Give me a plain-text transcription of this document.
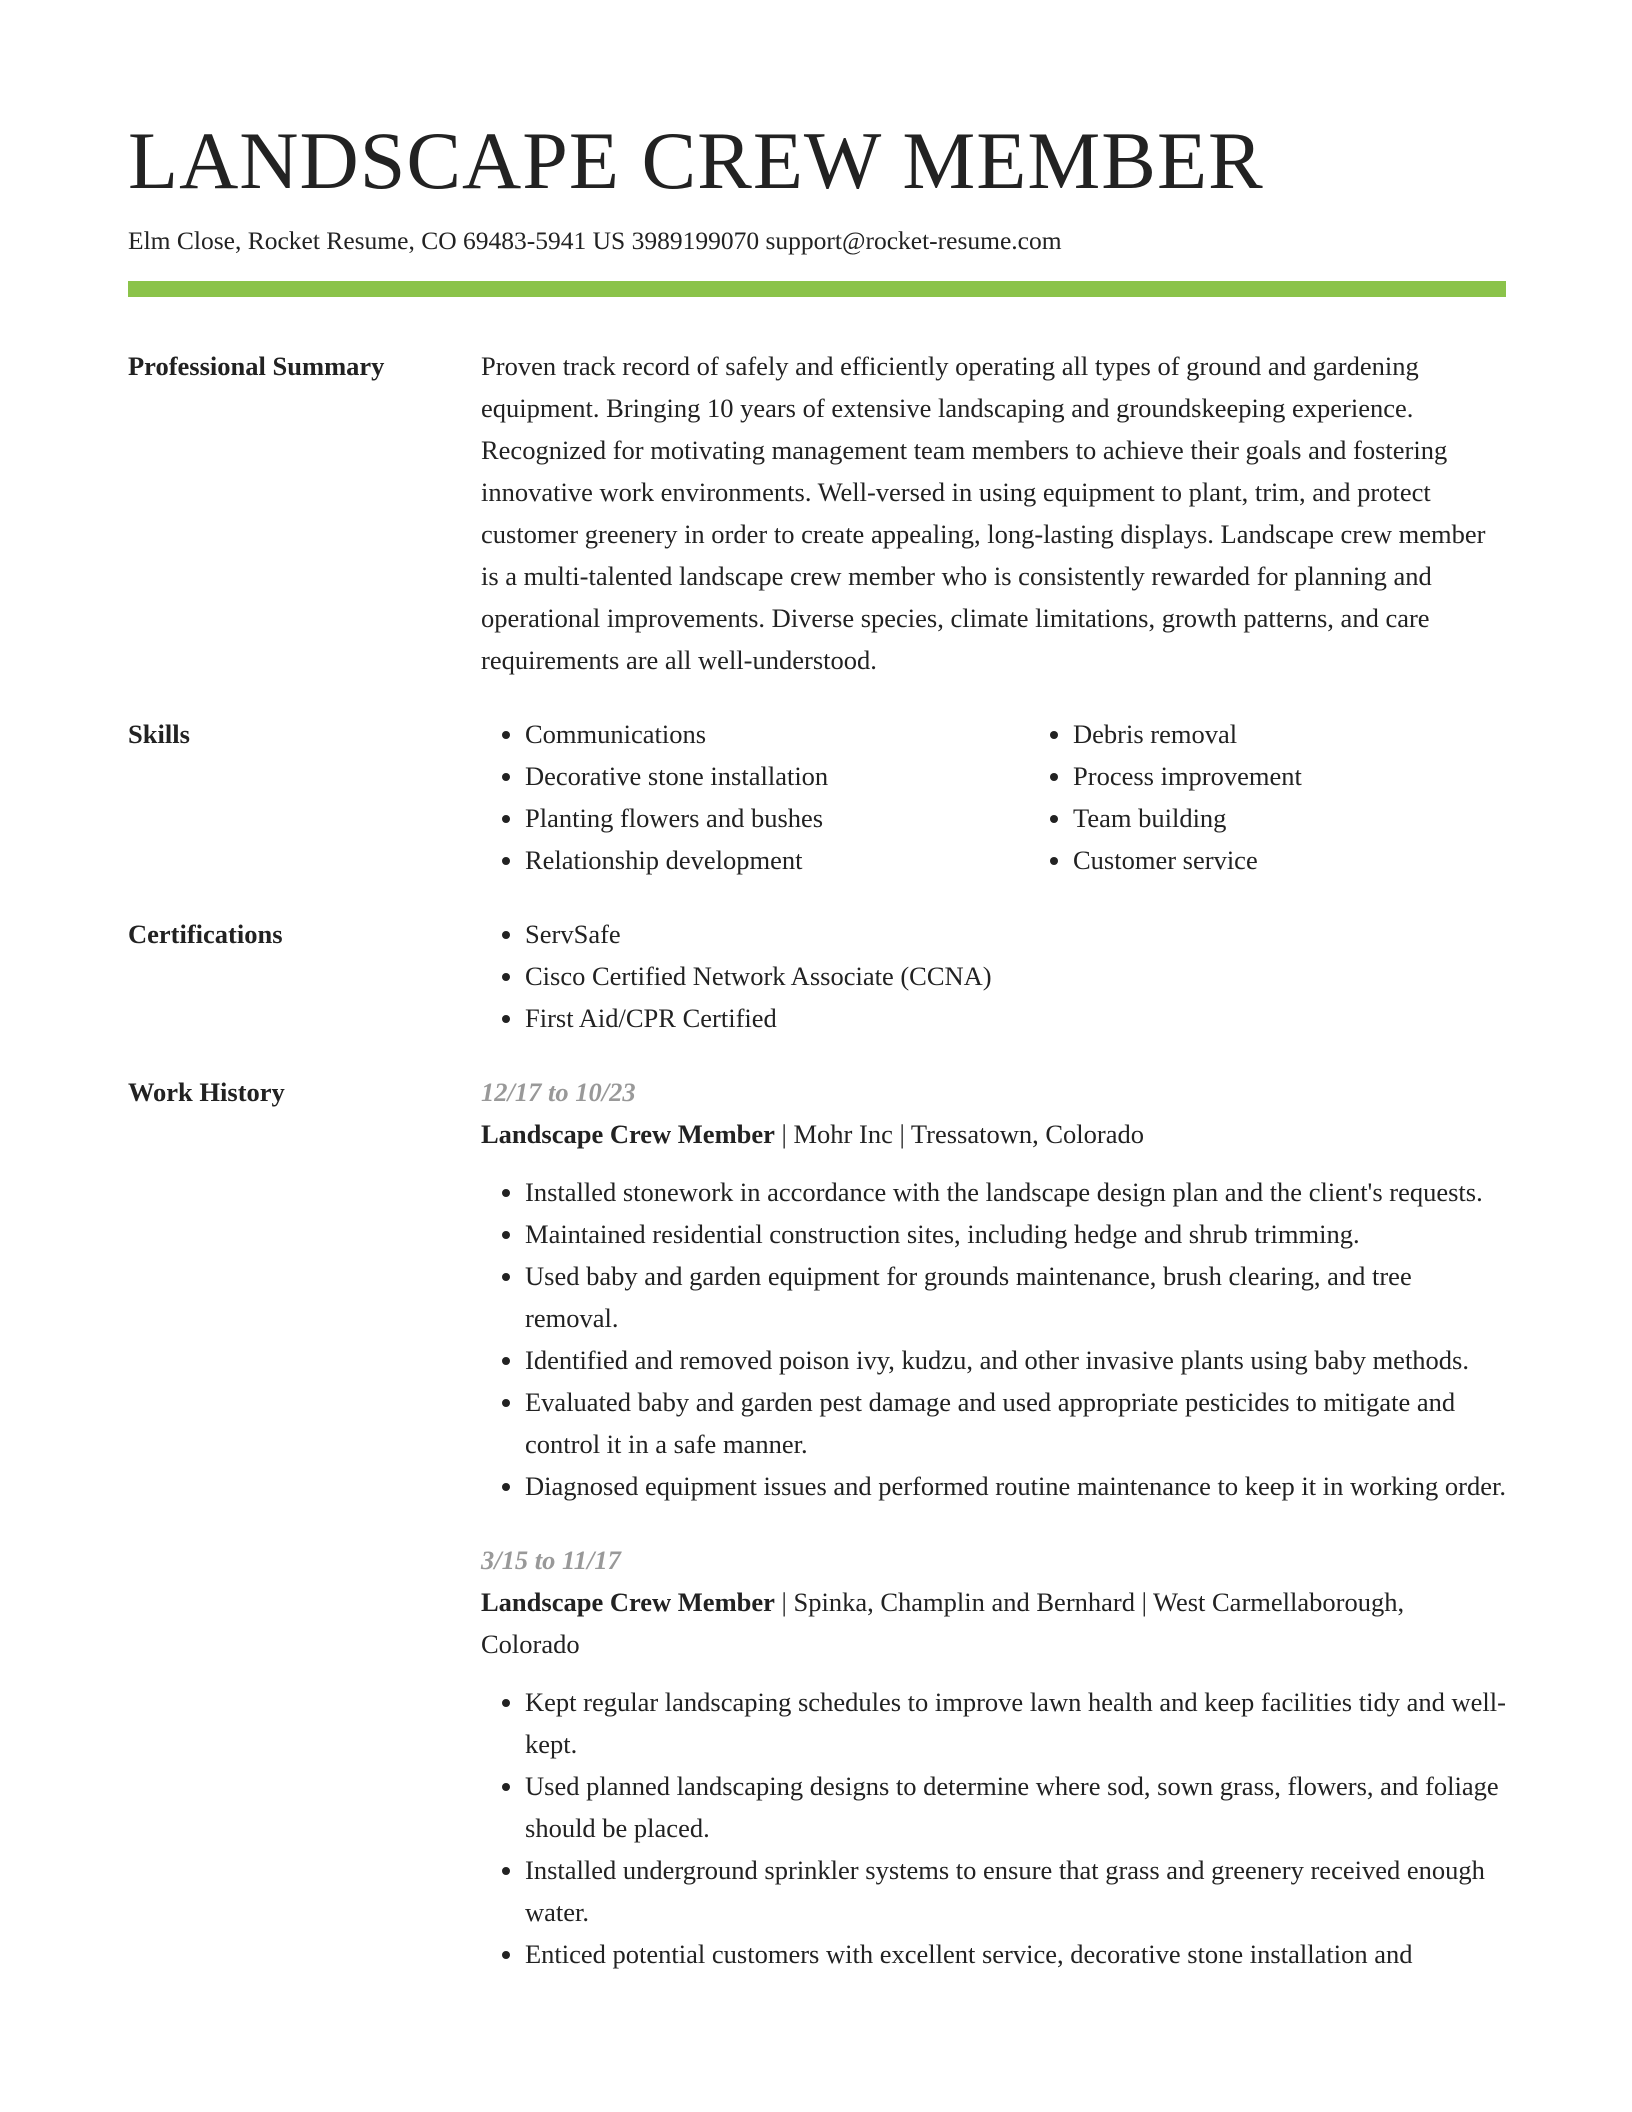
LANDSCAPE CREW MEMBER
Elm Close, Rocket Resume, CO 69483-5941 US 3989199070 support@rocket-resume.com
Professional Summary	Proven track record of safely and efficiently operating all types of ground and gardening equipment. Bringing 10 years of extensive landscaping and groundskeeping experience. Recognized for motivating management team members to achieve their goals and fostering innovative work environments. Well-versed in using equipment to plant, trim, and protect customer greenery in order to create appealing, long-lasting displays. Landscape crew member is a multi-talented landscape crew member who is consistently rewarded for planning and operational improvements. Diverse species, climate limitations, growth patterns, and care requirements are all well-understood.

Skills	• Communications
• Decorative stone installation
• Planting flowers and bushes
• Relationship development
• Debris removal
• Process improvement
• Team building
• Customer service
Certifications	• ServSafe
• Cisco Certified Network Associate (CCNA)
• First Aid/CPR Certified
Work History	12/17 to 10/23
Landscape Crew Member | Mohr Inc | Tressatown, Colorado
• Installed stonework in accordance with the landscape design plan and the client's requests.
• Maintained residential construction sites, including hedge and shrub trimming.
• Used baby and garden equipment for grounds maintenance, brush clearing, and tree removal.
• Identified and removed poison ivy, kudzu, and other invasive plants using baby methods.
• Evaluated baby and garden pest damage and used appropriate pesticides to mitigate and control it in a safe manner.
• Diagnosed equipment issues and performed routine maintenance to keep it in working order.
3/15 to 11/17
Landscape Crew Member | Spinka, Champlin and Bernhard | West Carmellaborough, Colorado
• Kept regular landscaping schedules to improve lawn health and keep facilities tidy and well-kept.
• Used planned landscaping designs to determine where sod, sown grass, flowers, and foliage should be placed.
• Installed underground sprinkler systems to ensure that grass and greenery received enough water.
• Enticed potential customers with excellent service, decorative stone installation and
